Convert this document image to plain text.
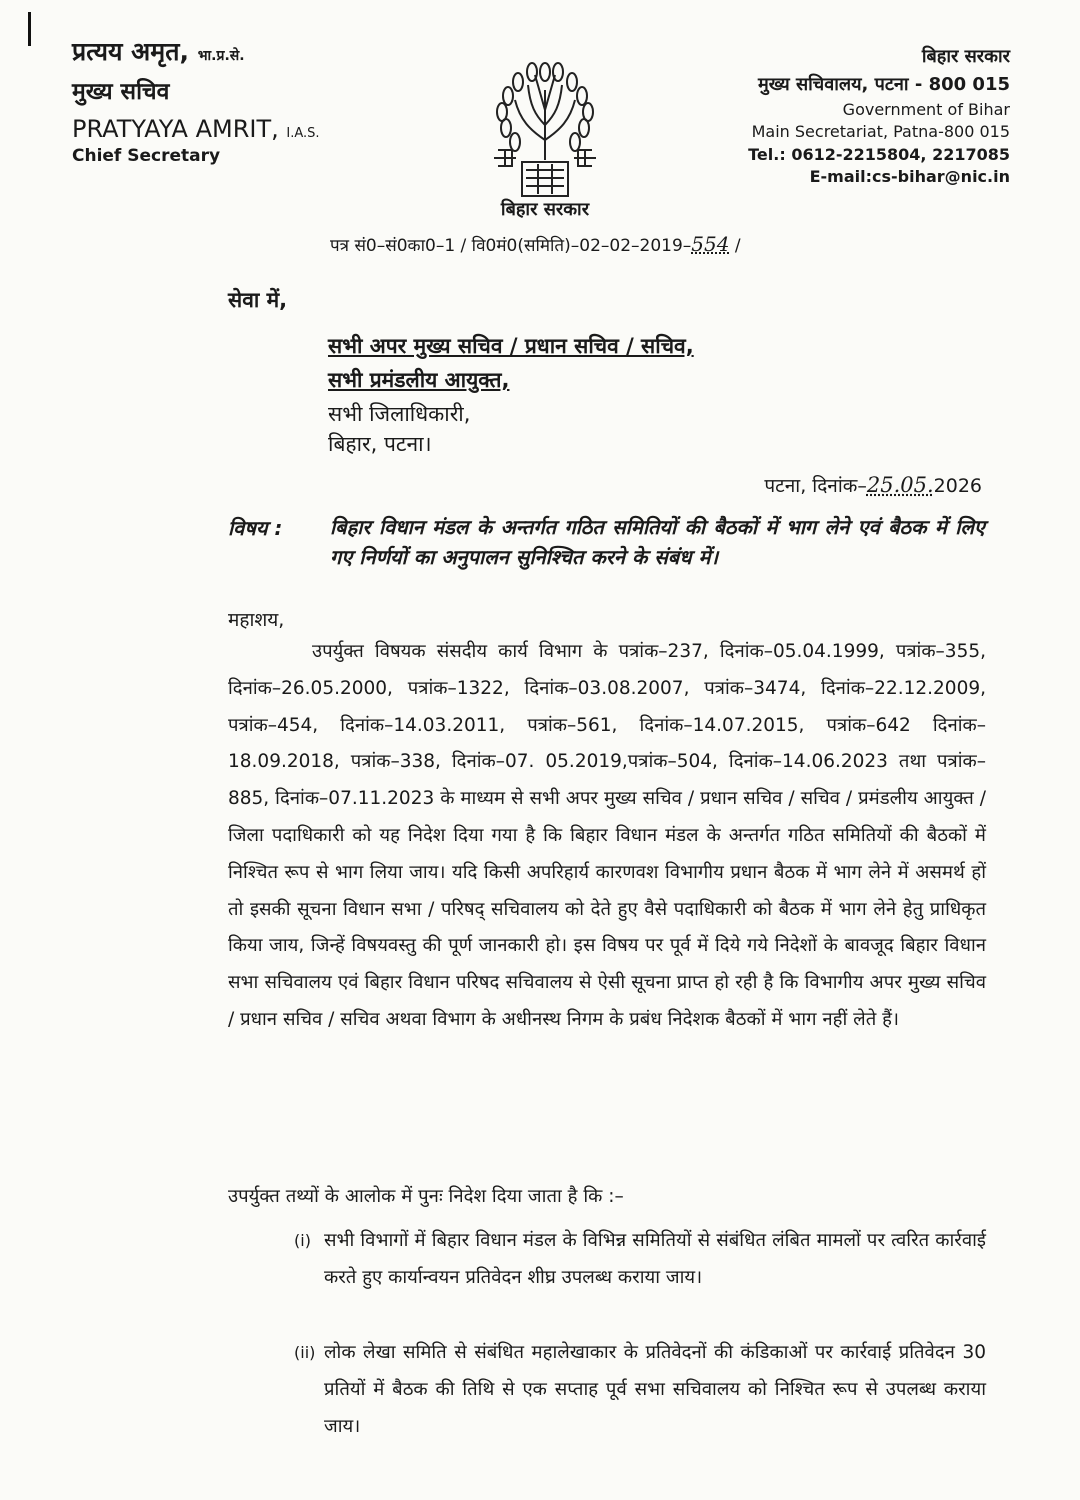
प्रत्यय अमृत, भा.प्र.से.
मुख्य सचिव
PRATYAYA AMRIT, I.A.S.
Chief Secretary
बिहार सरकार
बिहार सरकार
मुख्य सचिवालय, पटना - 800 015
Government of Bihar
Main Secretariat, Patna-800 015
Tel.: 0612-2215804, 2217085
E-mail:cs-bihar@nic.in
पत्र सं0–सं0का0–1 / वि0मं0(समिति)–02–02–2019–554 /
सेवा में,
सभी अपर मुख्य सचिव / प्रधान सचिव / सचिव,
सभी प्रमंडलीय आयुक्त,
सभी जिलाधिकारी,
बिहार, पटना।
पटना, दिनांक–25.05.2026
विषय : बिहार विधान मंडल के अन्तर्गत गठित समितियों की बैठकों में भाग लेने एवं बैठक में लिए गए निर्णयों का अनुपालन सुनिश्चित करने के संबंध में।
महाशय,
उपर्युक्त विषयक संसदीय कार्य विभाग के पत्रांक–237, दिनांक–05.04.1999, पत्रांक–355, दिनांक–26.05.2000, पत्रांक–1322, दिनांक–03.08.2007, पत्रांक–3474, दिनांक–22.12.2009, पत्रांक–454, दिनांक–14.03.2011, पत्रांक–561, दिनांक–14.07.2015, पत्रांक–642 दिनांक–18.09.2018, पत्रांक–338, दिनांक–07. 05.2019,पत्रांक–504, दिनांक–14.06.2023 तथा पत्रांक–885, दिनांक–07.11.2023 के माध्यम से सभी अपर मुख्य सचिव / प्रधान सचिव / सचिव / प्रमंडलीय आयुक्त / जिला पदाधिकारी को यह निदेश दिया गया है कि बिहार विधान मंडल के अन्तर्गत गठित समितियों की बैठकों में निश्चित रूप से भाग लिया जाय। यदि किसी अपरिहार्य कारणवश विभागीय प्रधान बैठक में भाग लेने में असमर्थ हों तो इसकी सूचना विधान सभा / परिषद् सचिवालय को देते हुए वैसे पदाधिकारी को बैठक में भाग लेने हेतु प्राधिकृत किया जाय, जिन्हें विषयवस्तु की पूर्ण जानकारी हो। इस विषय पर पूर्व में दिये गये निदेशों के बावजूद बिहार विधान सभा सचिवालय एवं बिहार विधान परिषद सचिवालय से ऐसी सूचना प्राप्त हो रही है कि विभागीय अपर मुख्य सचिव / प्रधान सचिव / सचिव अथवा विभाग के अधीनस्थ निगम के प्रबंध निदेशक बैठकों में भाग नहीं लेते हैं।
उपर्युक्त तथ्यों के आलोक में पुनः निदेश दिया जाता है कि :–
(i) सभी विभागों में बिहार विधान मंडल के विभिन्न समितियों से संबंधित लंबित मामलों पर त्वरित कार्रवाई करते हुए कार्यान्वयन प्रतिवेदन शीघ्र उपलब्ध कराया जाय।
(ii) लोक लेखा समिति से संबंधित महालेखाकार के प्रतिवेदनों की कंडिकाओं पर कार्रवाई प्रतिवेदन 30 प्रतियों में बैठक की तिथि से एक सप्ताह पूर्व सभा सचिवालय को निश्चित रूप से उपलब्ध कराया जाय।
